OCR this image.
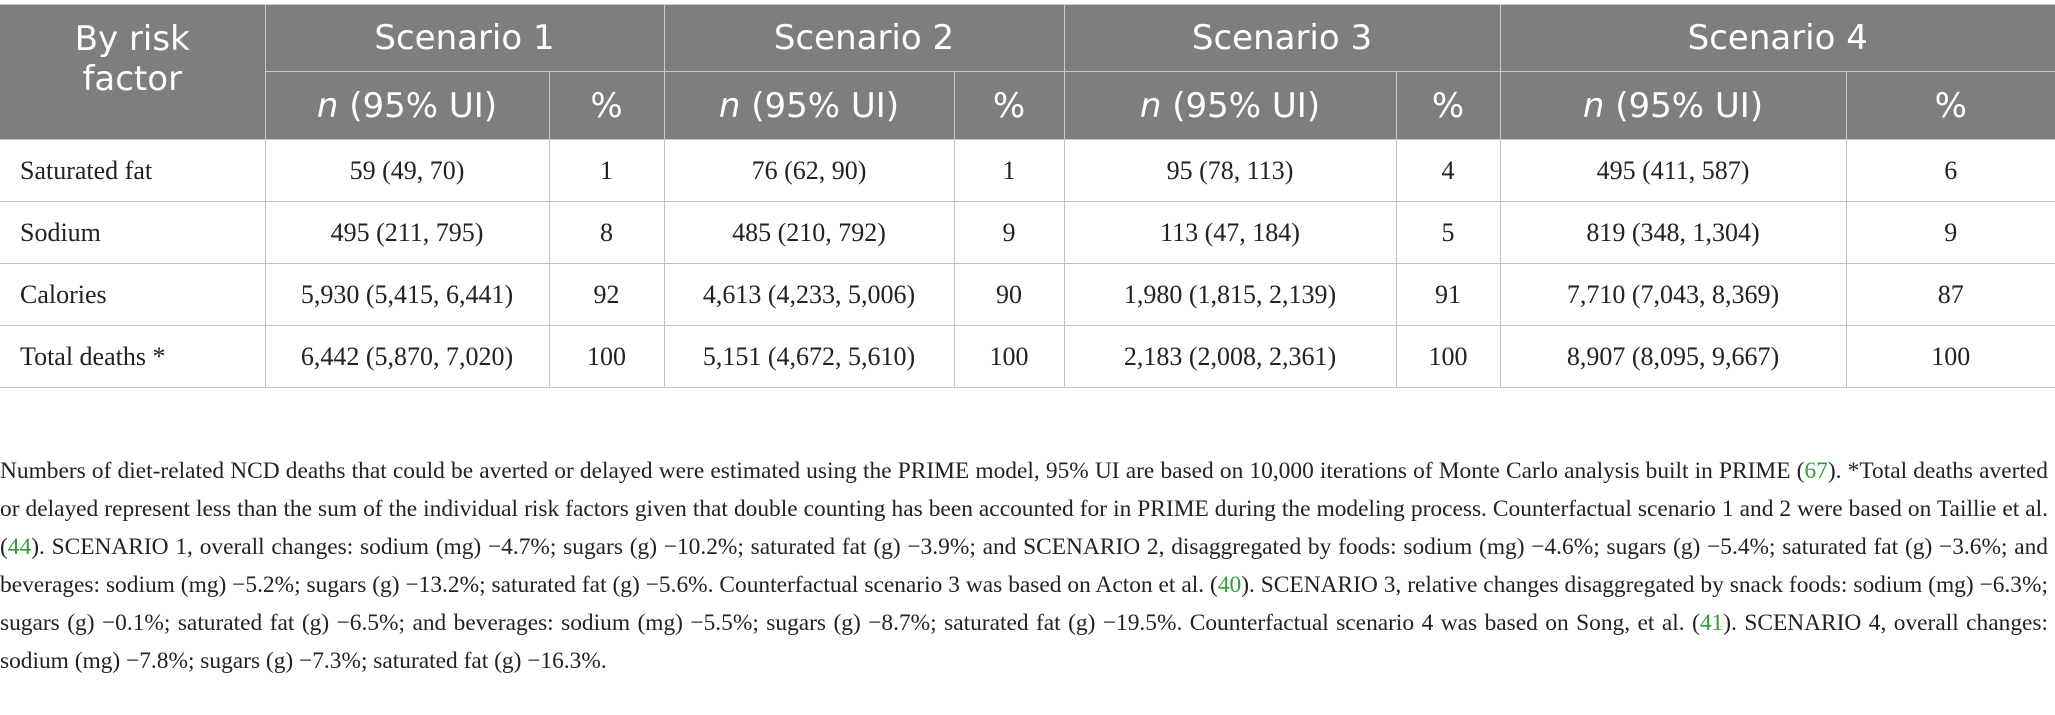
By risk factor	Scenario 1		Scenario 2		Scenario 3		Scenario 4	
	n (95% UI)	%	n (95% UI)	%	n (95% UI)	%	n (95% UI)	%
Saturated fat	59 (49, 70)	1	76 (62, 90)	1	95 (78, 113)	4	495 (411, 587)	6
Sodium	495 (211, 795)	8	485 (210, 792)	9	113 (47, 184)	5	819 (348, 1,304)	9
Calories	5,930 (5,415, 6,441)	92	4,613 (4,233, 5,006)	90	1,980 (1,815, 2,139)	91	7,710 (7,043, 8,369)	87
Total deaths *	6,442 (5,870, 7,020)	100	5,151 (4,672, 5,610)	100	2,183 (2,008, 2,361)	100	8,907 (8,095, 9,667)	100

Numbers of diet-related NCD deaths that could be averted or delayed were estimated using the PRIME model, 95% UI are based on 10,000 iterations of Monte Carlo analysis built in PRIME (67). *Total deaths averted or delayed represent less than the sum of the individual risk factors given that double counting has been accounted for in PRIME during the modeling process. Counterfactual scenario 1 and 2 were based on Taillie et al. (44). SCENARIO 1, overall changes: sodium (mg) −4.7%; sugars (g) −10.2%; saturated fat (g) −3.9%; and SCENARIO 2, disaggregated by foods: sodium (mg) −4.6%; sugars (g) −5.4%; saturated fat (g) −3.6%; and beverages: sodium (mg) −5.2%; sugars (g) −13.2%; saturated fat (g) −5.6%. Counterfactual scenario 3 was based on Acton et al. (40). SCENARIO 3, relative changes disaggregated by snack foods: sodium (mg) −6.3%; sugars (g) −0.1%; saturated fat (g) −6.5%; and beverages: sodium (mg) −5.5%; sugars (g) −8.7%; saturated fat (g) −19.5%. Counterfactual scenario 4 was based on Song, et al. (41). SCENARIO 4, overall changes: sodium (mg) −7.8%; sugars (g) −7.3%; saturated fat (g) −16.3%.
